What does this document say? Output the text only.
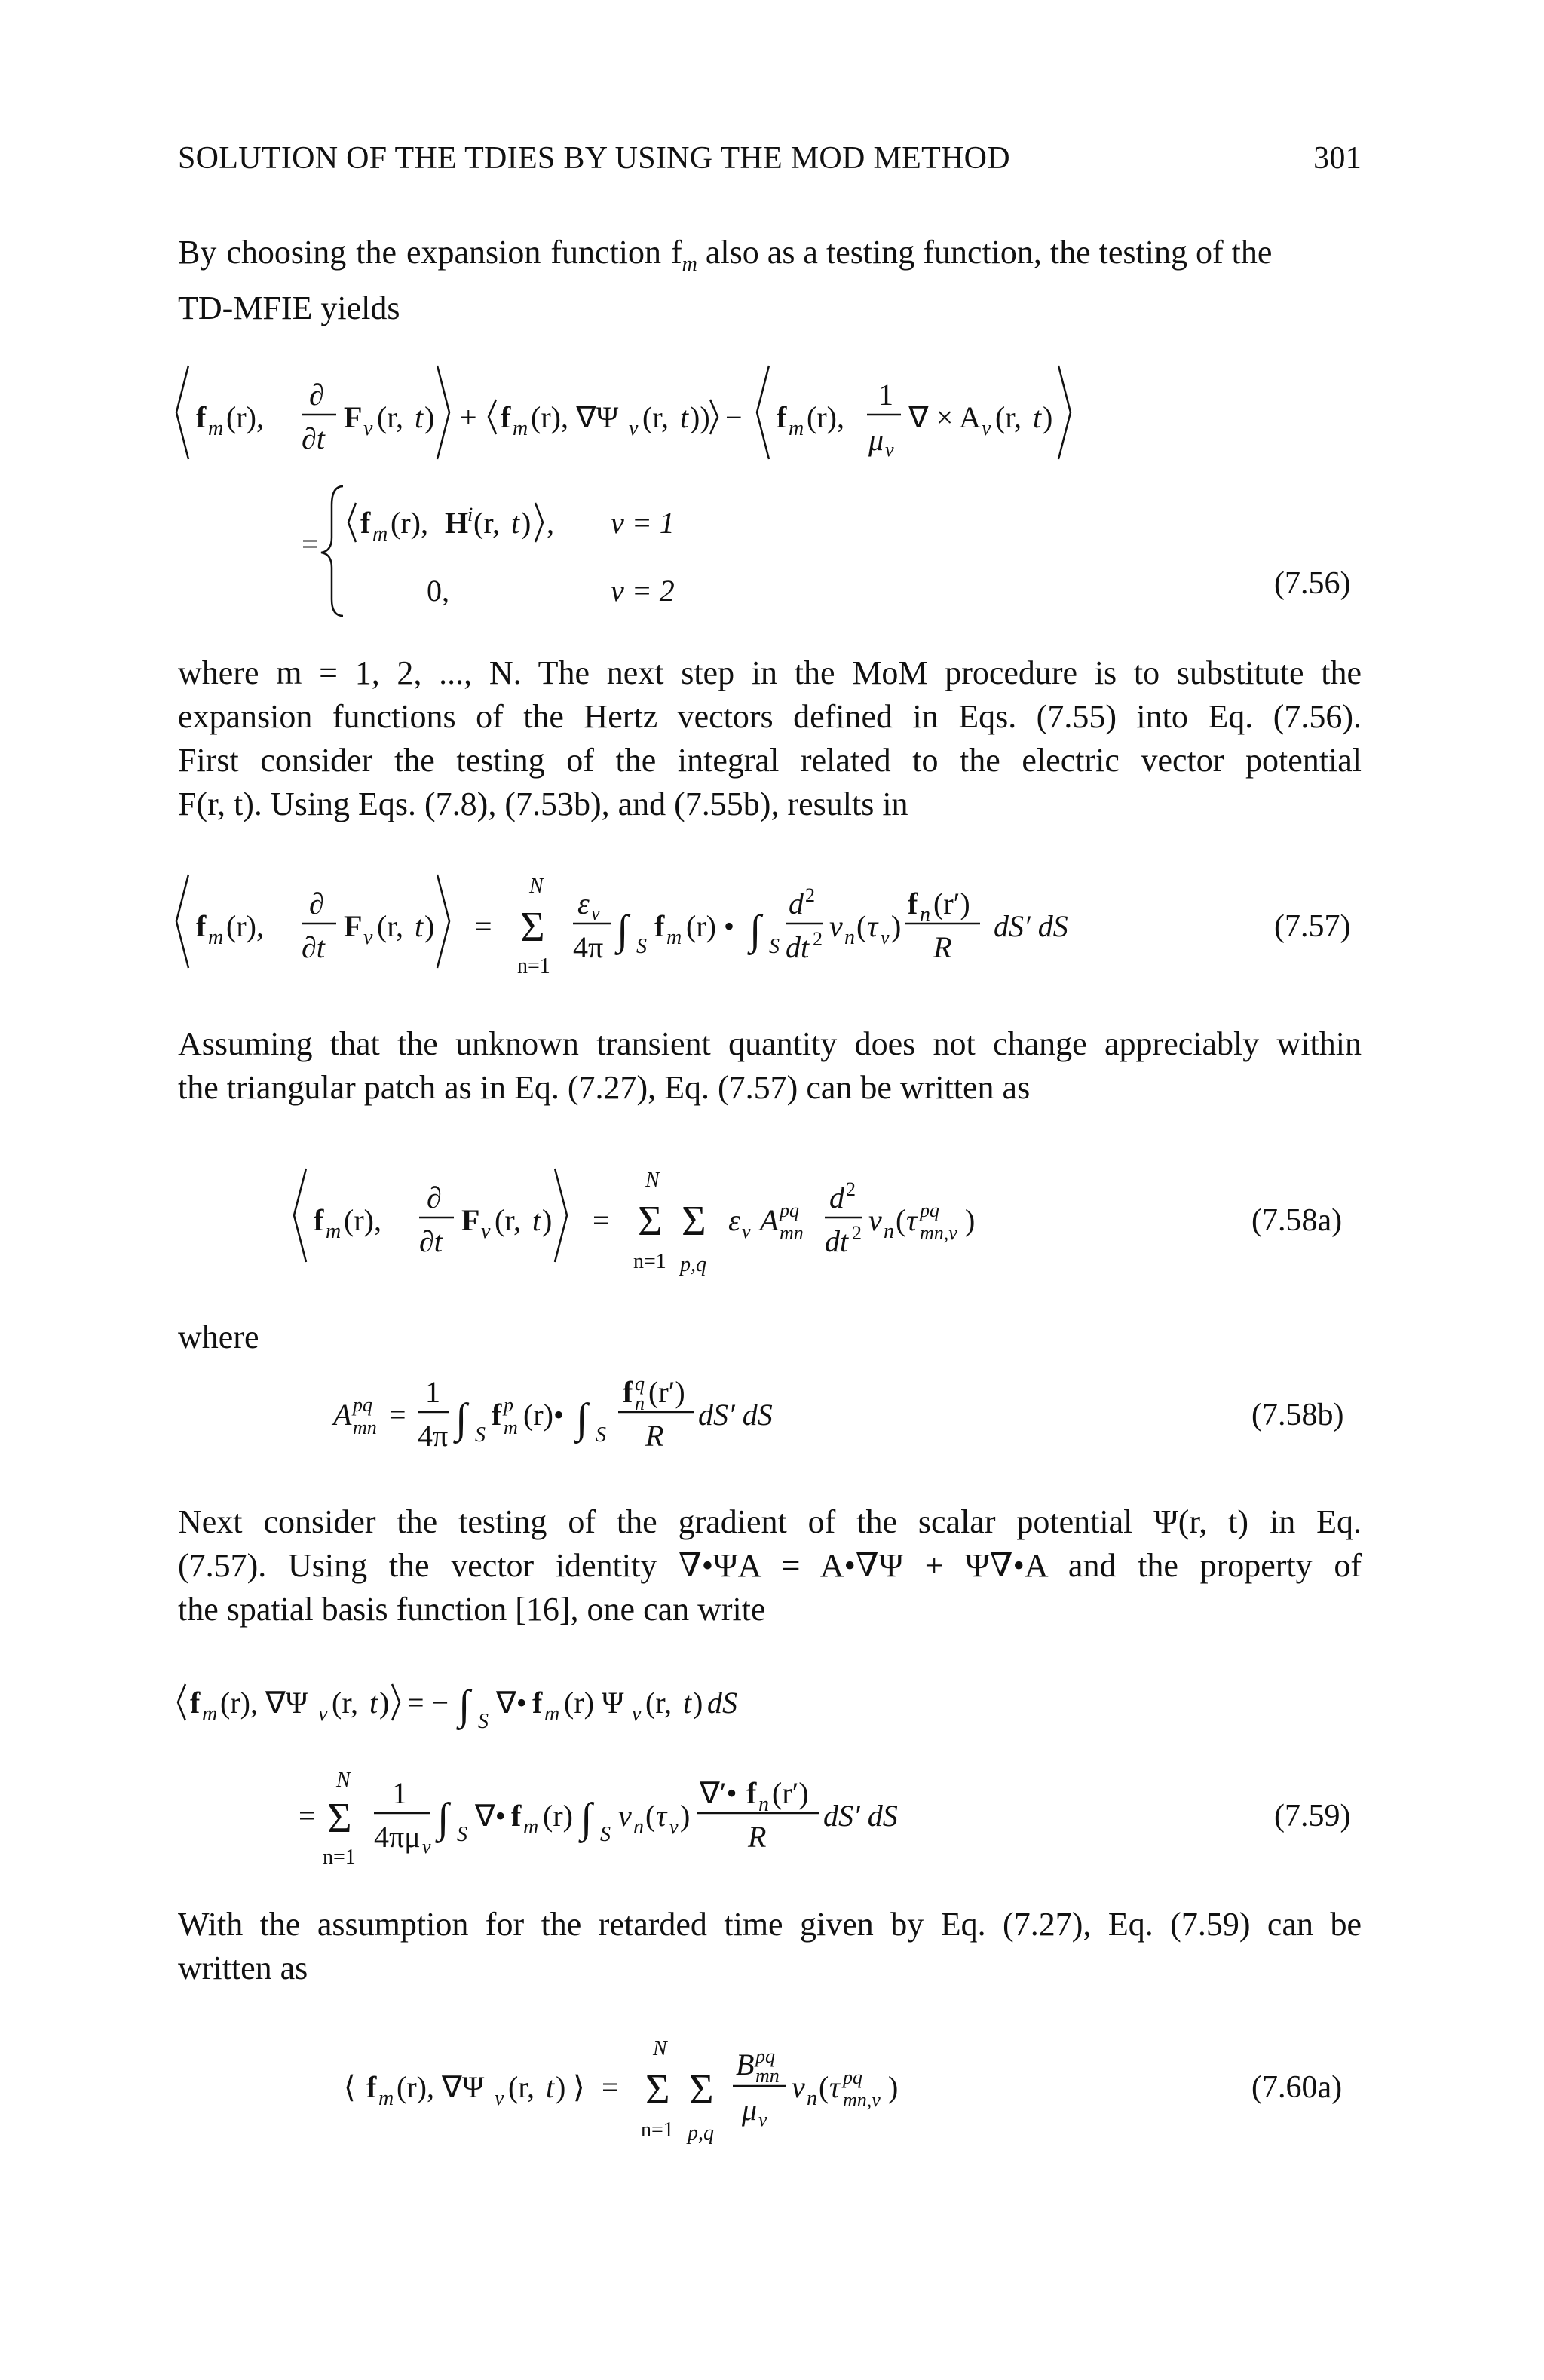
SOLUTION OF THE TDIES BY USING THE MOD METHOD	301
By choosing the expansion function $f_m$ also as a testing function, the testing of the
TD-MFIE yields
f m (r),
∂
∂t
F ν (r, t ) + f m (r), ∇Ψ ν (r, t )) − f m (r),
1
μ ν
∇ × A ν (r, t )
=
f m (r), H
i (r, t ) ,
0,
ν = 1
ν = 2	(7.56)
where m = 1, 2, ..., N. The next step in the MoM procedure is to substitute the
expansion functions of the Hertz vectors defined in Eqs. (7.55) into Eq. (7.56).
First consider the testing of the integral related to the electric vector potential
F(r, t). Using Eqs. (7.8), (7.53b), and (7.55b), results in
f m (r),
∂
∂t
F ν (r, t ) =
N
Σ
n=1
ε ν
4π ∫ S
f m (r) • ∫ S
d 2
dt 2 v n ( τ ν )
f n (r′)
R
dS′ dS	(7.57)
Assuming that the unknown transient quantity does not change appreciably within
the triangular patch as in Eq. (7.27), Eq. (7.57) can be written as
f m (r),
∂
∂t
F ν (r, t ) =
N
Σ
n=1
Σ
p,q
ε ν A pq
mn
d 2
dt 2 v n ( τ pq
mn,ν )	(7.58a)
where
A pq
mn =
1
4π ∫ S
f p
m (r)• ∫ S
f q
n (r′)
R
dS′ dS	(7.58b)
Next consider the testing of the gradient of the scalar potential Ψ(r, t) in Eq.
(7.57). Using the vector identity ∇•ΨA = A•∇Ψ + Ψ∇•A and the property of
the spatial basis function [16], one can write
f m (r), ∇Ψ ν (r, t ) = − ∫ S
∇• f m (r) Ψ ν (r, t ) dS
=
N
Σ
n=1
1
4πμ ν
∫ S
∇• f m (r) ∫ S
v n ( τ ν )
∇′• f n (r′)
R
dS′ dS	(7.59)
With the assumption for the retarded time given by Eq. (7.27), Eq. (7.59) can be
written as
⟨ f m (r), ∇Ψ ν (r, t ) ⟩ =
N
Σ
n=1
Σ
p,q
B pq
mn
μ ν
v n ( τ pq
mn,ν )	(7.60a)
